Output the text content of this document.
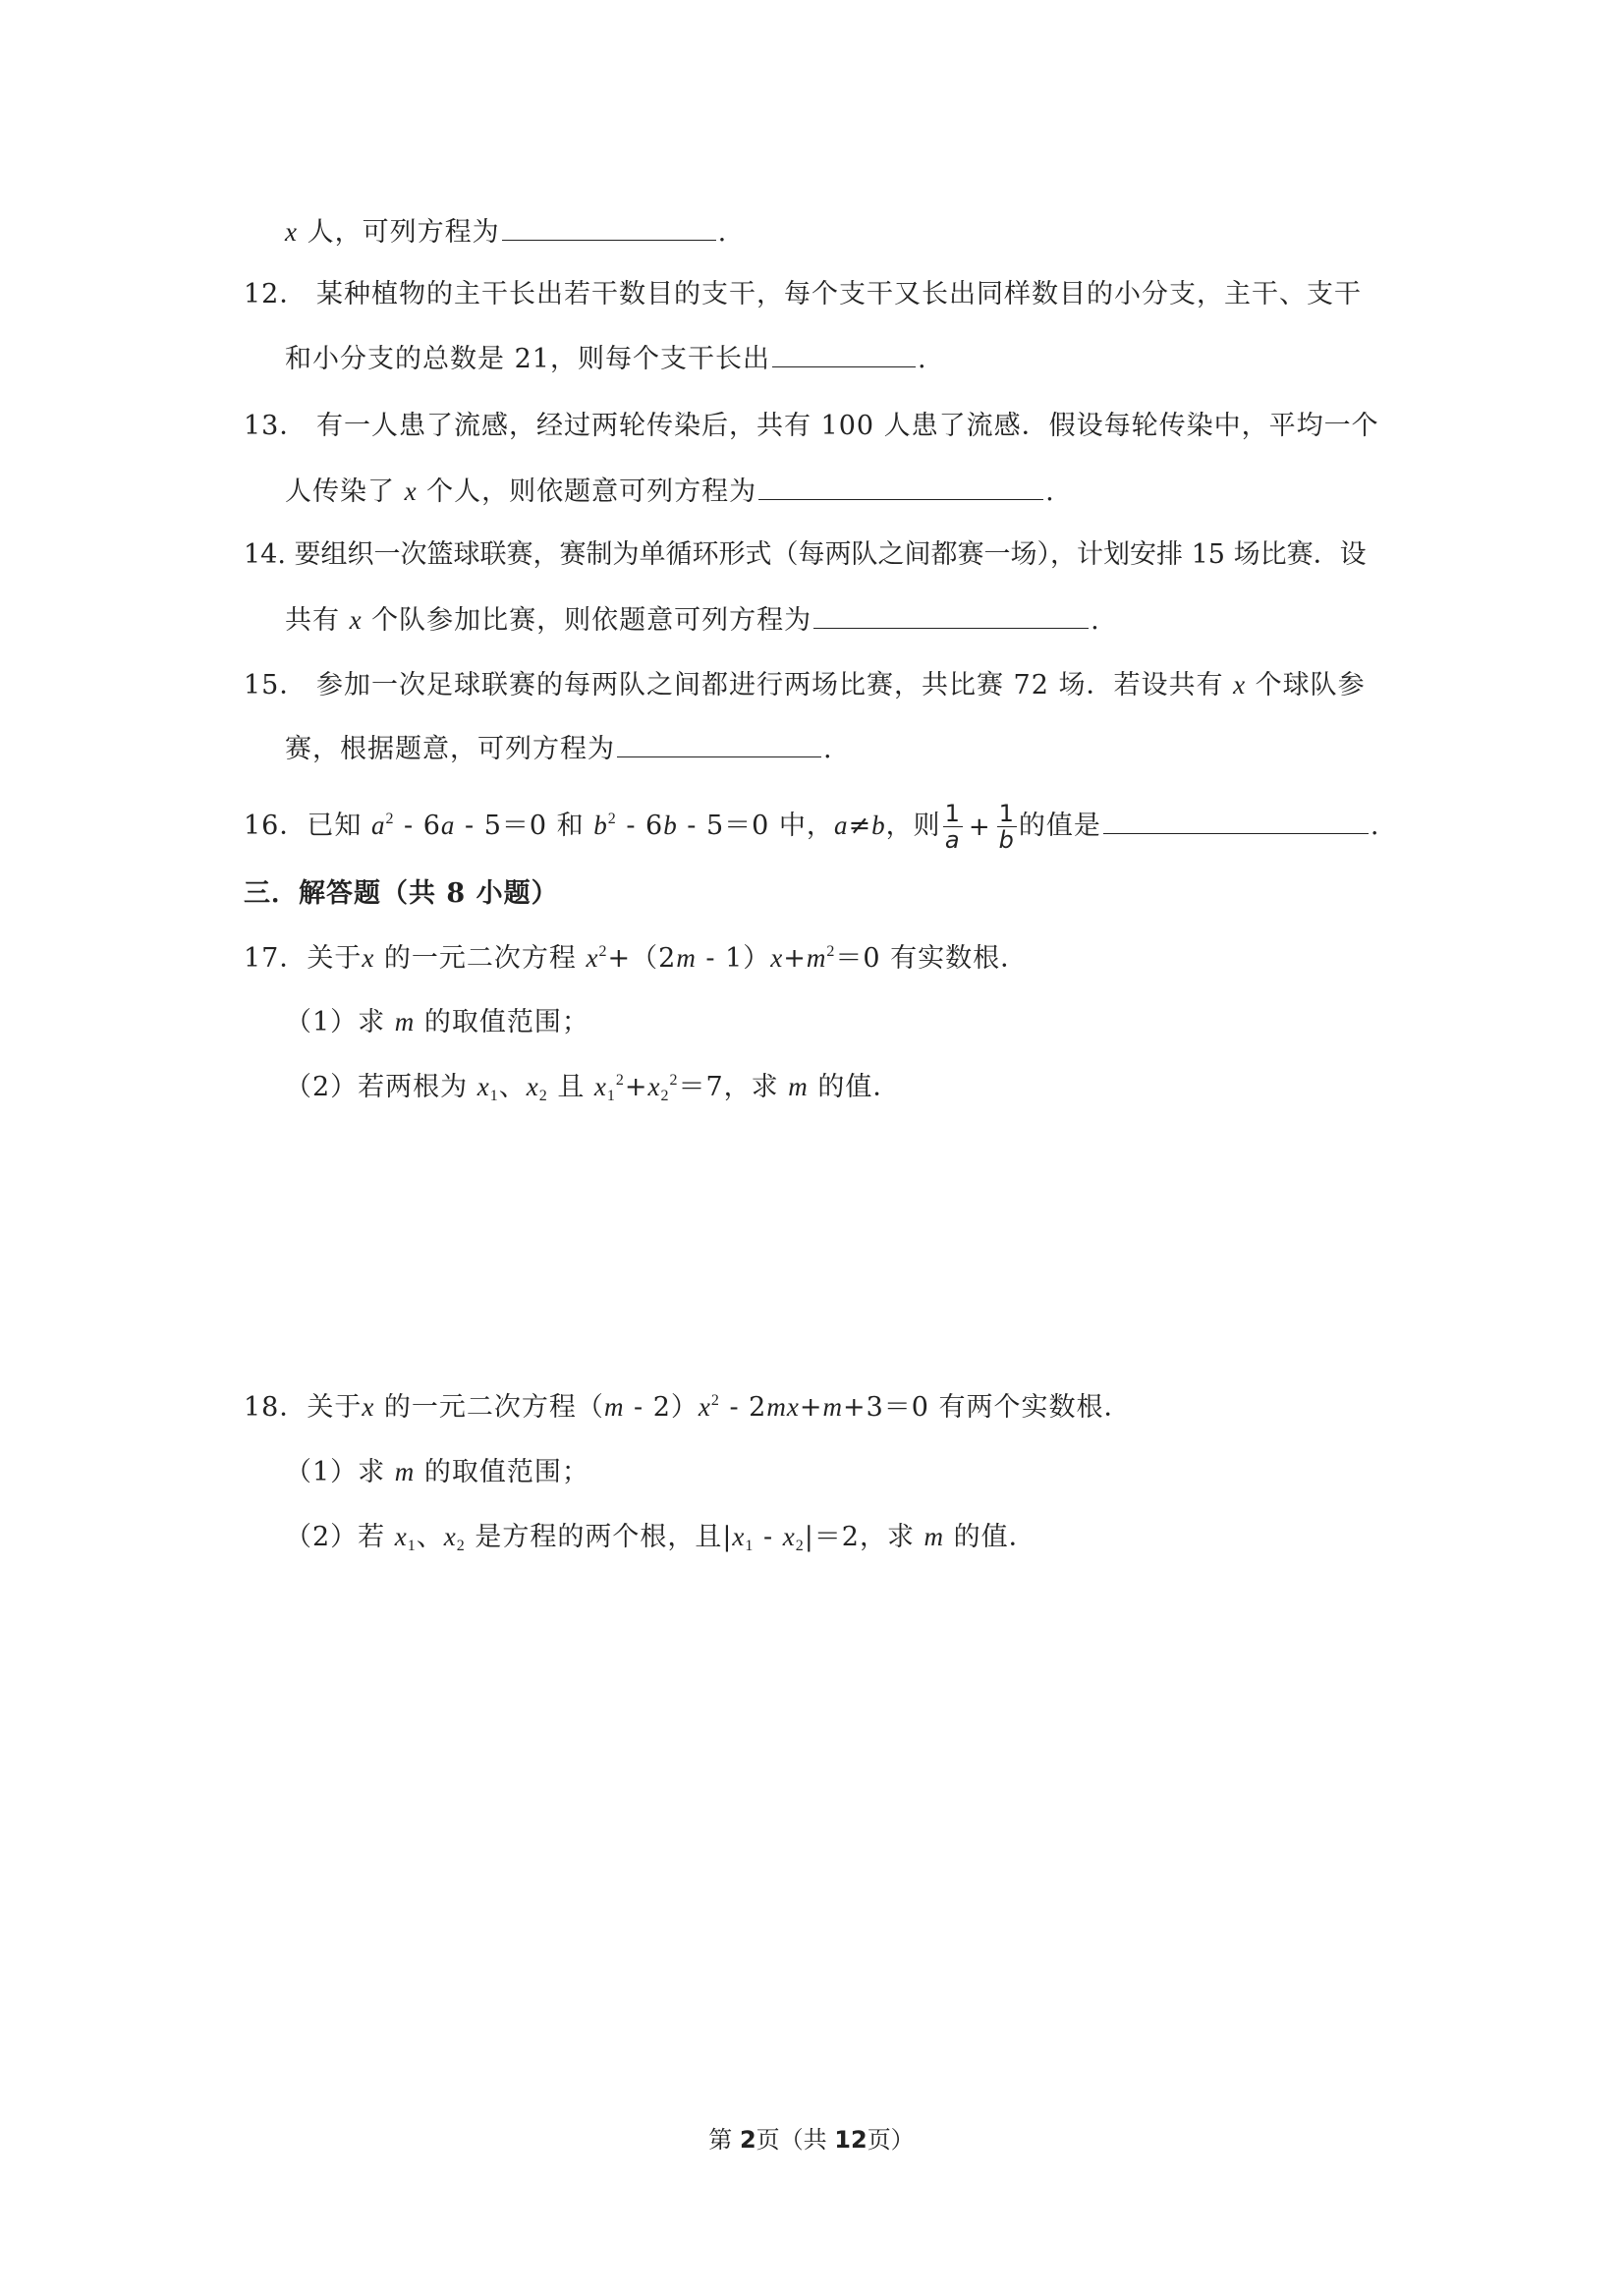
x 人，可列方程为	.
12． 某种植物的主干长出若干数目的支干，每个支干又长出同样数目的小分支，主干、支干
和小分支的总数是 21，则每个支干长出	.
13． 有一人患了流感，经过两轮传染后，共有 100 人患了流感．假设每轮传染中，平均一个
人传染了 x 个人，则依题意可列方程为	.
14. 要组织一次篮球联赛，赛制为单循环形式（每两队之间都赛一场），计划安排 15 场比赛．设
共有 x 个队参加比赛，则依题意可列方程为	.
15． 参加一次足球联赛的每两队之间都进行两场比赛，共比赛 72 场．若设共有 x 个球队参
赛，根据题意，可列方程为	.
16．已知 $a^2 - 6a - 5=0$ 和 $b^2 - 6b - 5=0$ 中，a≠b，则 $\frac{1}{a} + \frac{1}{b}$ 的值是	.
三．解答题（共 8 小题）
17．关于x 的一元二次方程 $x^2+(2m - 1)x+m^2=0$ 有实数根．
（1）求 m 的取值范围；
（2）若两根为 $x_1$、$x_2$ 且 $x_1^2+x_2^2=7$，求 m 的值．
18．关于x 的一元二次方程$(m - 2)x^2 - 2mx+m+3=0$ 有两个实数根．
（1）求 m 的取值范围；
（2）若 $x_1$、$x_2$ 是方程的两个根，且$|x_1 - x_2|=2$，求 m 的值．
第 2页（共 12页）
